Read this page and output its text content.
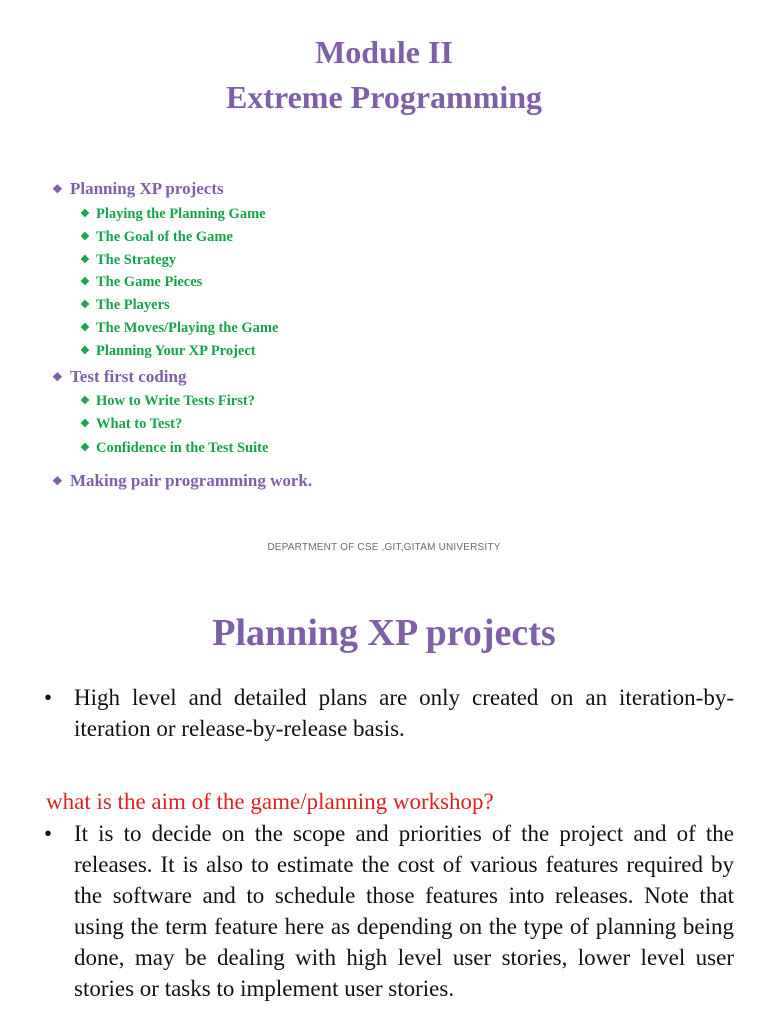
Module II
Extreme Programming
❖ Planning XP projects
❖ Playing the Planning Game
❖ The Goal of the Game
❖ The Strategy
❖ The Game Pieces
❖ The Players
❖ The Moves/Playing the Game
❖ Planning Your XP Project
❖ Test first coding
❖ How to Write Tests First?
❖ What to Test?
❖ Confidence in the Test Suite
❖ Making pair programming work.
DEPARTMENT OF CSE ,GIT,GITAM UNIVERSITY
Planning XP projects
• High level and detailed plans are only created on an iteration-by-iteration or release-by-release basis.
what is the aim of the game/planning workshop?
• It is to decide on the scope and priorities of the project and of the releases. It is also to estimate the cost of various features required by the software and to schedule those features into releases. Note that using the term feature here as depending on the type of planning being done, may be dealing with high level user stories, lower level user stories or tasks to implement user stories.
